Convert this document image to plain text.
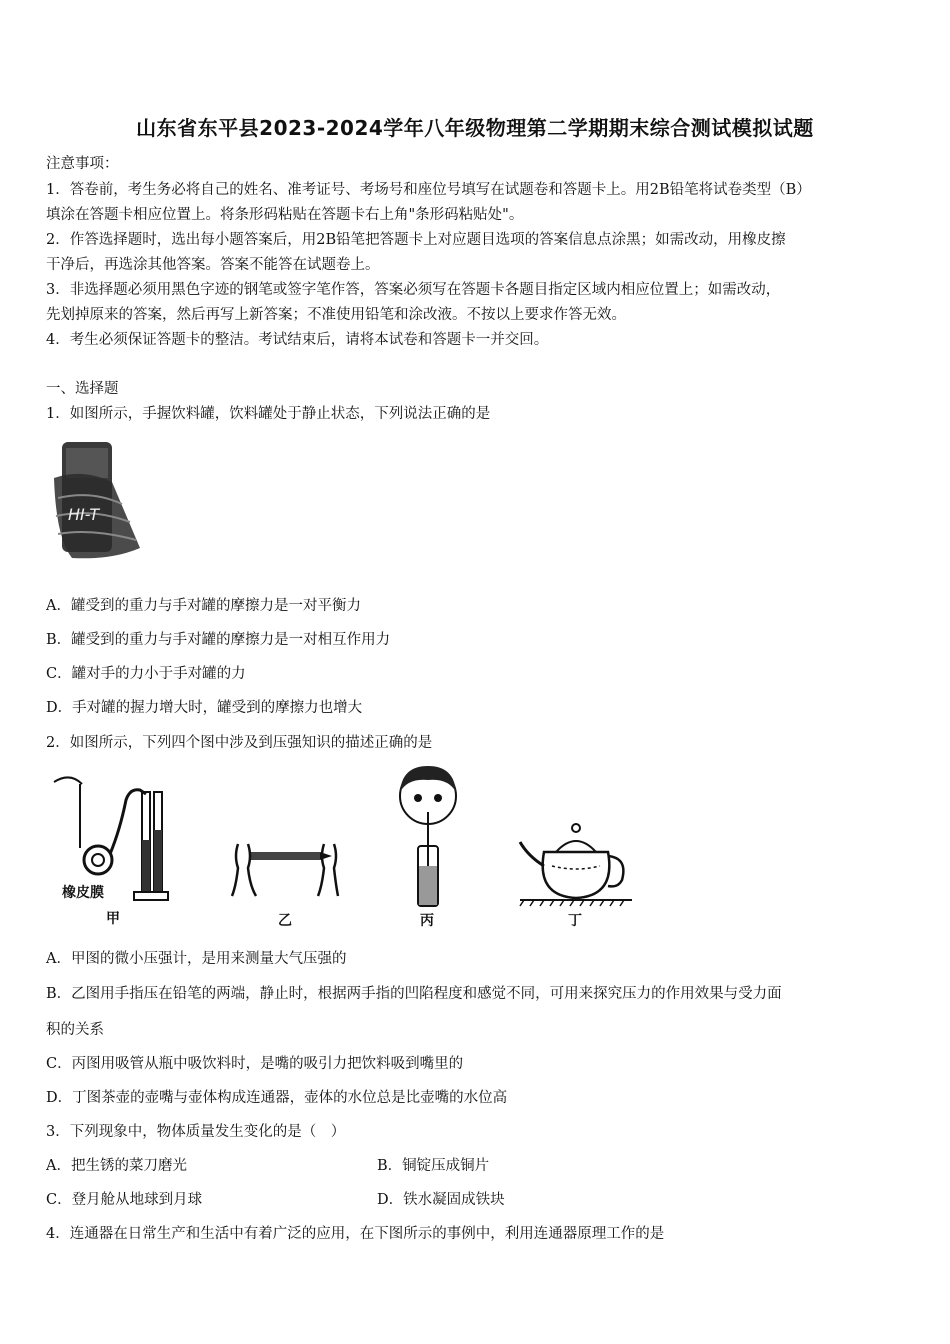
山东省东平县2023-2024学年八年级物理第二学期期末综合测试模拟试题
注意事项：
1．答卷前，考生务必将自己的姓名、准考证号、考场号和座位号填写在试题卷和答题卡上。用2B铅笔将试卷类型（B）
填涂在答题卡相应位置上。将条形码粘贴在答题卡右上角"条形码粘贴处"。
2．作答选择题时，选出每小题答案后，用2B铅笔把答题卡上对应题目选项的答案信息点涂黑；如需改动，用橡皮擦
干净后，再选涂其他答案。答案不能答在试题卷上。
3．非选择题必须用黑色字迹的钢笔或签字笔作答，答案必须写在答题卡各题目指定区域内相应位置上；如需改动，
先划掉原来的答案，然后再写上新答案；不准使用铅笔和涂改液。不按以上要求作答无效。
4．考生必须保证答题卡的整洁。考试结束后，请将本试卷和答题卡一并交回。
一、选择题
1．如图所示，手握饮料罐，饮料罐处于静止状态，下列说法正确的是
HI-T
A．罐受到的重力与手对罐的摩擦力是一对平衡力
B．罐受到的重力与手对罐的摩擦力是一对相互作用力
C．罐对手的力小于手对罐的力
D．手对罐的握力增大时，罐受到的摩擦力也增大
2．如图所示，下列四个图中涉及到压强知识的描述正确的是
橡皮膜
甲	乙	丙	丁
A．甲图的微小压强计，是用来测量大气压强的
B．乙图用手指压在铅笔的两端，静止时，根据两手指的凹陷程度和感觉不同，可用来探究压力的作用效果与受力面
积的关系
C．丙图用吸管从瓶中吸饮料时，是嘴的吸引力把饮料吸到嘴里的
D．丁图茶壶的壶嘴与壶体构成连通器，壶体的水位总是比壶嘴的水位高
3．下列现象中，物体质量发生变化的是（　）
A．把生锈的菜刀磨光	B．铜锭压成铜片
C．登月舱从地球到月球	D．铁水凝固成铁块
4．连通器在日常生产和生活中有着广泛的应用，在下图所示的事例中，利用连通器原理工作的是
